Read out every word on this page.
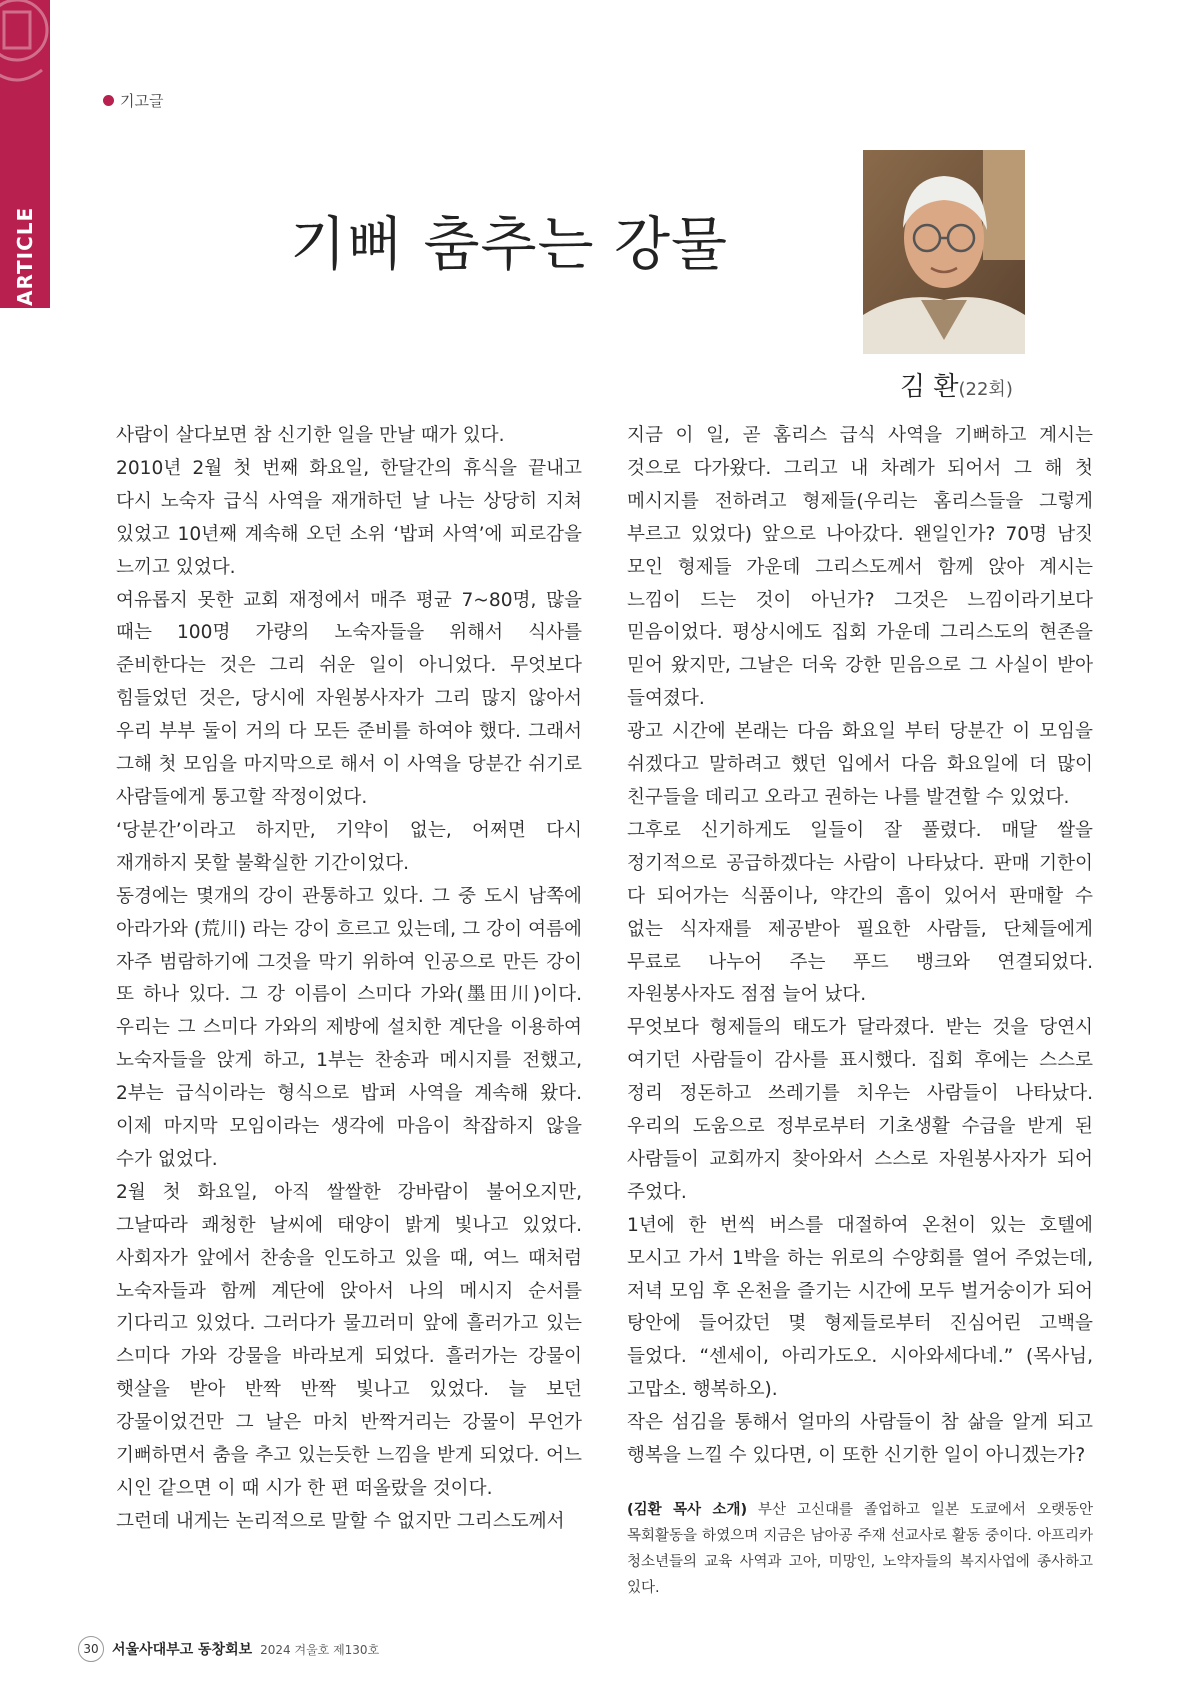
ARTICLE
기고글
기뻐 춤추는 강물
김 환(22회)

사람이 살다보면 참 신기한 일을 만날 때가 있다.

2010년 2월 첫 번째 화요일, 한달간의 휴식을 끝내고 다시 노숙자 급식 사역을 재개하던 날 나는 상당히 지쳐 있었고 10년째 계속해 오던 소위 ‘밥퍼 사역’에 피로감을 느끼고 있었다.

여유롭지 못한 교회 재정에서 매주 평균 7~80명, 많을 때는 100명 가량의 노숙자들을 위해서 식사를 준비한다는 것은 그리 쉬운 일이 아니었다. 무엇보다 힘들었던 것은, 당시에 자원봉사자가 그리 많지 않아서 우리 부부 둘이 거의 다 모든 준비를 하여야 했다. 그래서 그해 첫 모임을 마지막으로 해서 이 사역을 당분간 쉬기로 사람들에게 통고할 작정이었다.

‘당분간’이라고 하지만, 기약이 없는, 어쩌면 다시 재개하지 못할 불확실한 기간이었다.

동경에는 몇개의 강이 관통하고 있다. 그 중 도시 남쪽에 아라가와 (荒川) 라는 강이 흐르고 있는데, 그 강이 여름에 자주 범람하기에 그것을 막기 위하여 인공으로 만든 강이 또 하나 있다. 그 강 이름이 스미다 가와(墨田川)이다. 우리는 그 스미다 가와의 제방에 설치한 계단을 이용하여 노숙자들을 앉게 하고, 1부는 찬송과 메시지를 전했고, 2부는 급식이라는 형식으로 밥퍼 사역을 계속해 왔다. 이제 마지막 모임이라는 생각에 마음이 착잡하지 않을 수가 없었다.

2월 첫 화요일, 아직 쌀쌀한 강바람이 불어오지만, 그날따라 쾌청한 날씨에 태양이 밝게 빛나고 있었다. 사회자가 앞에서 찬송을 인도하고 있을 때, 여느 때처럼 노숙자들과 함께 계단에 앉아서 나의 메시지 순서를 기다리고 있었다. 그러다가 물끄러미 앞에 흘러가고 있는 스미다 가와 강물을 바라보게 되었다. 흘러가는 강물이 햇살을 받아 반짝 반짝 빛나고 있었다. 늘 보던 강물이었건만 그 날은 마치 반짝거리는 강물이 무언가 기뻐하면서 춤을 추고 있는듯한 느낌을 받게 되었다. 어느 시인 같으면 이 때 시가 한 편 떠올랐을 것이다.

그런데 내게는 논리적으로 말할 수 없지만 그리스도께서

지금 이 일, 곧 홈리스 급식 사역을 기뻐하고 계시는 것으로 다가왔다. 그리고 내 차례가 되어서 그 해 첫 메시지를 전하려고 형제들(우리는 홈리스들을 그렇게 부르고 있었다) 앞으로 나아갔다. 왠일인가? 70명 남짓 모인 형제들 가운데 그리스도께서 함께 앉아 계시는 느낌이 드는 것이 아닌가? 그것은 느낌이라기보다 믿음이었다. 평상시에도 집회 가운데 그리스도의 현존을 믿어 왔지만, 그날은 더욱 강한 믿음으로 그 사실이 받아 들여졌다.

광고 시간에 본래는 다음 화요일 부터 당분간 이 모임을 쉬겠다고 말하려고 했던 입에서 다음 화요일에 더 많이 친구들을 데리고 오라고 권하는 나를 발견할 수 있었다.

그후로 신기하게도 일들이 잘 풀렸다. 매달 쌀을 정기적으로 공급하겠다는 사람이 나타났다. 판매 기한이 다 되어가는 식품이나, 약간의 흠이 있어서 판매할 수 없는 식자재를 제공받아 필요한 사람들, 단체들에게 무료로 나누어 주는 푸드 뱅크와 연결되었다. 자원봉사자도 점점 늘어 났다.

무엇보다 형제들의 태도가 달라졌다. 받는 것을 당연시 여기던 사람들이 감사를 표시했다. 집회 후에는 스스로 정리 정돈하고 쓰레기를 치우는 사람들이 나타났다. 우리의 도움으로 정부로부터 기초생활 수급을 받게 된 사람들이 교회까지 찾아와서 스스로 자원봉사자가 되어 주었다.

1년에 한 번씩 버스를 대절하여 온천이 있는 호텔에 모시고 가서 1박을 하는 위로의 수양회를 열어 주었는데, 저녁 모임 후 온천을 즐기는 시간에 모두 벌거숭이가 되어 탕안에 들어갔던 몇 형제들로부터 진심어린 고백을 들었다. “센세이, 아리가도오. 시아와세다네.” (목사님, 고맙소. 행복하오).

작은 섬김을 통해서 얼마의 사람들이 참 삶을 알게 되고 행복을 느낄 수 있다면, 이 또한 신기한 일이 아니겠는가?

(김환 목사 소개) 부산 고신대를 졸업하고 일본 도쿄에서 오랫동안 목회활동을 하였으며 지금은 남아공 주재 선교사로 활동 중이다. 아프리카 청소년들의 교육 사역과 고아, 미망인, 노약자들의 복지사업에 종사하고 있다.
30 서울사대부고 동창회보 2024 겨울호 제130호
